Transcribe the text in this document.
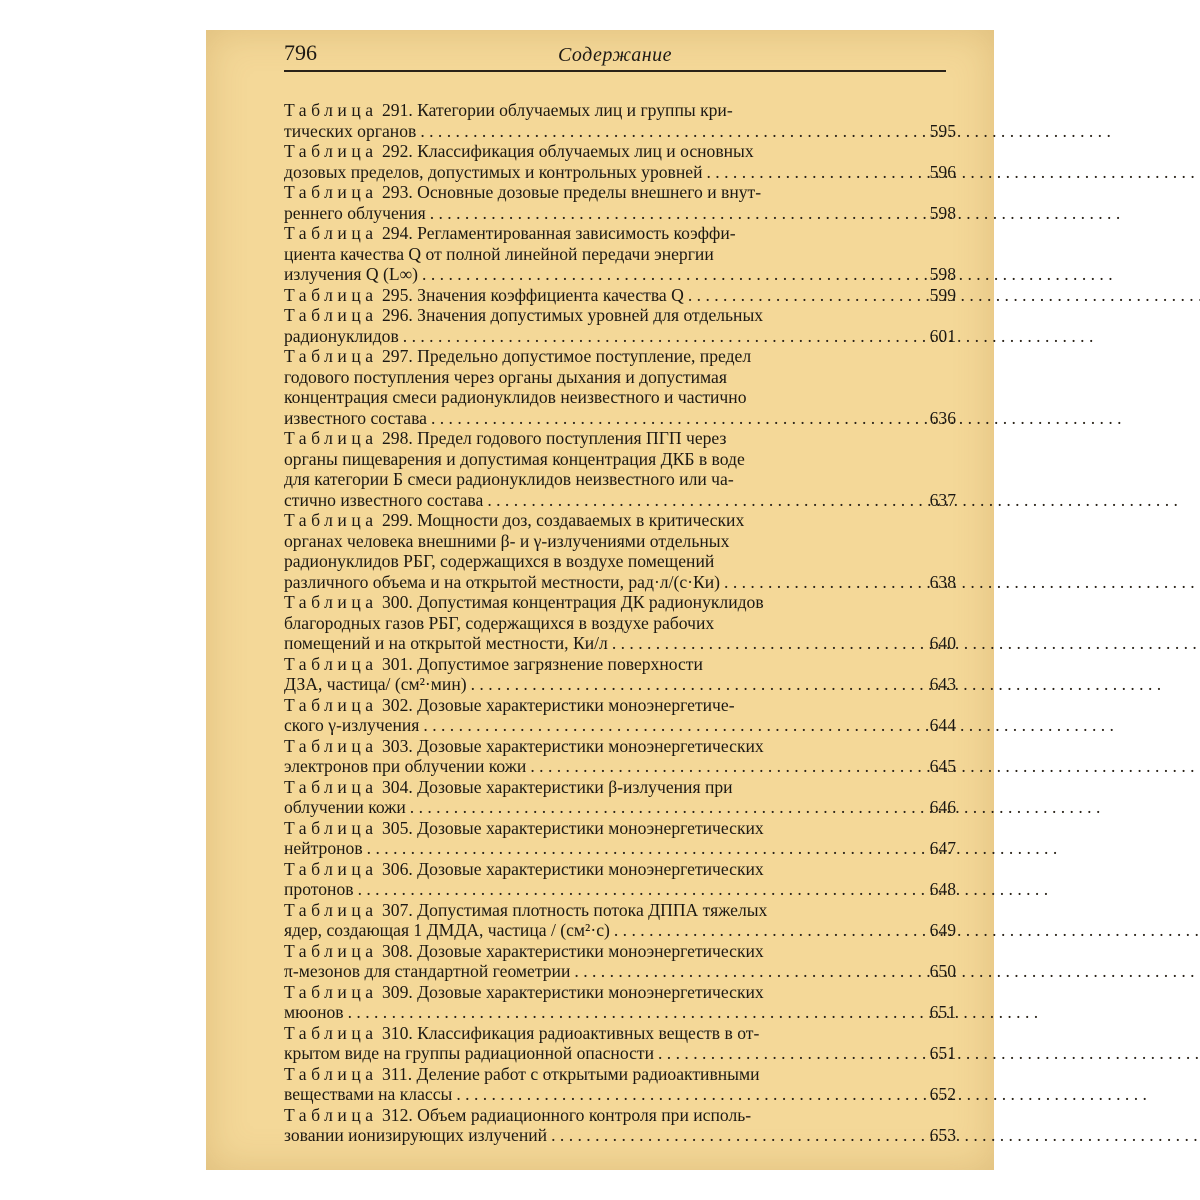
796	Содержание
Таблица 291. Категории облучаемых лиц и группы кри-
тических органов . . .	595
Таблица 292. Классификация облучаемых лиц и основных
дозовых пределов, допустимых и контрольных уровней . . .	596
Таблица 293. Основные дозовые пределы внешнего и внут-
реннего облучения . . .	598
Таблица 294. Регламентированная зависимость коэффи-
циента качества Q от полной линейной передачи энергии
излучения Q (L∞) . . .	598
Таблица 295. Значения коэффициента качества Q . . .	599
Таблица 296. Значения допустимых уровней для отдельных
радионуклидов . . .	601
Таблица 297. Предельно допустимое поступление, предел
годового поступления через органы дыхания и допустимая
концентрация смеси радионуклидов неизвестного и частично
известного состава . . .	636
Таблица 298. Предел годового поступления ПГП через
органы пищеварения и допустимая концентрация ДКБ в воде
для категории Б смеси радионуклидов неизвестного или ча-
стично известного состава . . .	637
Таблица 299. Мощности доз, создаваемых в критических
органах человека внешними β- и γ-излучениями отдельных
радионуклидов РБГ, содержащихся в воздухе помещений
различного объема и на открытой местности, рад·л/(с·Ки) . . .	638
Таблица 300. Допустимая концентрация ДК радионуклидов
благородных газов РБГ, содержащихся в воздухе рабочих
помещений и на открытой местности, Ки/л . . .	640
Таблица 301. Допустимое загрязнение поверхности
ДЗА, частица/ (см²·мин) . . .	643
Таблица 302. Дозовые характеристики моноэнергетиче-
ского γ-излучения . . .	644
Таблица 303. Дозовые характеристики моноэнергетических
электронов при облучении кожи . . .	645
Таблица 304. Дозовые характеристики β-излучения при
облучении кожи . . .	646
Таблица 305. Дозовые характеристики моноэнергетических
нейтронов . . .	647
Таблица 306. Дозовые характеристики моноэнергетических
протонов . . .	648
Таблица 307. Допустимая плотность потока ДППА тяжелых
ядер, создающая 1 ДМДА, частица / (см²·с) . . .	649
Таблица 308. Дозовые характеристики моноэнергетических
π-мезонов для стандартной геометрии . . .	650
Таблица 309. Дозовые характеристики моноэнергетических
мюонов . . .	651
Таблица 310. Классификация радиоактивных веществ в от-
крытом виде на группы радиационной опасности . . .	651
Таблица 311. Деление работ с открытыми радиоактивными
веществами на классы . . .	652
Таблица 312. Объем радиационного контроля при исполь-
зовании ионизирующих излучений . . .	653
